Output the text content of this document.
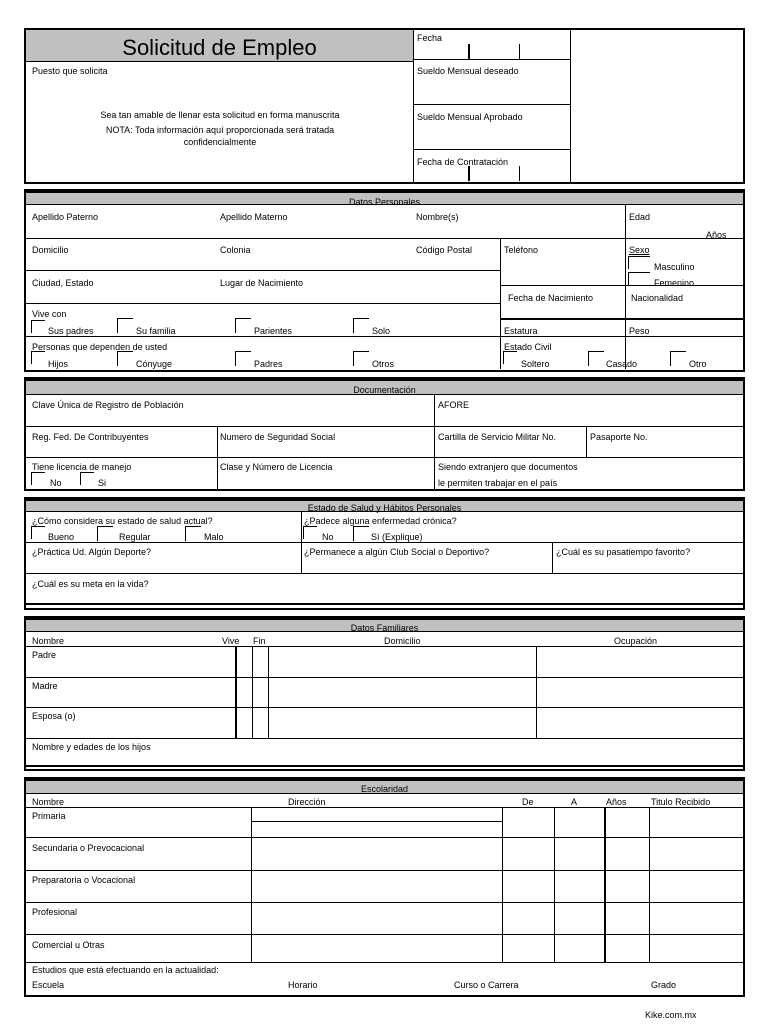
Solicitud de Empleo
Puesto que solicita
Sea tan amable de llenar esta solicitud en forma manuscrita
NOTA: Toda información aquí proporcionada será tratada
confidencialmente
Fecha
Sueldo Mensual deseado
Sueldo Mensual Aprobado
Fecha de Contratación
Datos Personales
Apellido Paterno	Apellido Materno	Nombre(s)	Edad
Años
Domicilio	Colonia	Código Postal	Teléfono	Sexo
Masculino
Femenino
Ciudad, Estado	Lugar de Nacimiento
Fecha de Nacimiento	Nacionalidad
Vive con
Sus padres	Su familia	Parientes	Solo	Estatura	Peso
Personas que dependen de usted
Hijos	Cónyuge	Padres	Otros
Estado Civil
Soltero	Casado	Otro
Documentación
Clave Única de Registro de Población	AFORE
Reg. Fed. De Contribuyentes	Numero de Seguridad Social	Cartilla de Servicio Militar No.	Pasaporte No.
Tiene licencia de manejo
No	Si
Clase y Número de Licencia	Siendo extranjero que documentos
le permiten trabajar en el país
Estado de Salud y Hábitos Personales
¿Cómo considera su estado de salud actual?
Bueno	Regular	Malo
¿Padece alguna enfermedad crónica?
No	Sí (Explique)
¿Práctica Ud. Algún Deporte?	¿Permanece a algún Club Social o Deportivo?	¿Cuál es su pasatiempo favorito?
¿Cuál es su meta en la vida?
Datos Familiares
Nombre	Vive Fin	Domicilio	Ocupación
Padre
Madre
Esposa (o)
Nombre y edades de los hijos
Escolaridad
Nombre	Dirección	De	A	Años	Titulo Recibido
Primaria
Secundaria o Prevocacional
Preparatoria o Vocacional
Profesional
Comercial u Otras
Estudios que está efectuando en la actualidad:
Escuela	Horario	Curso o Carrera	Grado
Kike.com.mx
